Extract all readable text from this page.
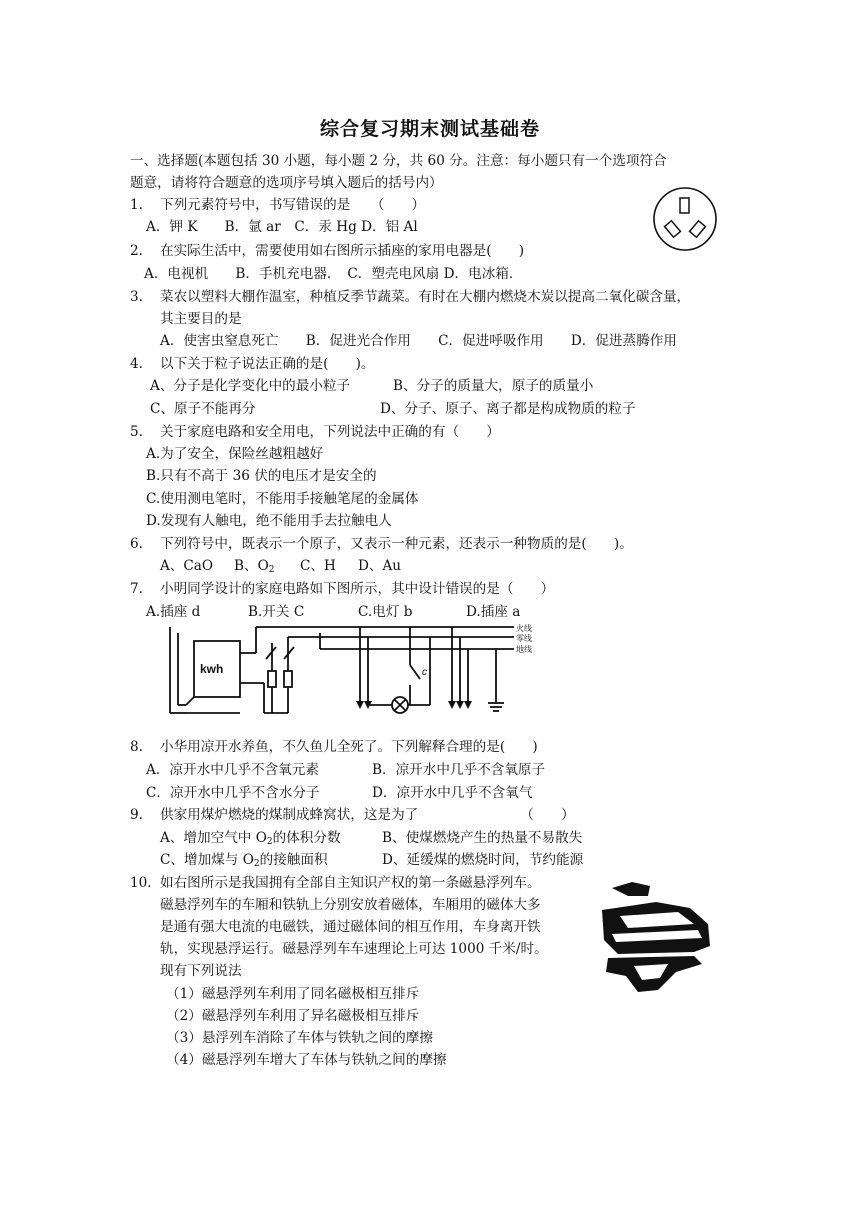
综合复习期末测试基础卷
一、选择题(本题包括 30 小题，每小题 2 分，共 60 分。注意：每小题只有一个选项符合
题意，请将符合题意的选项序号填入题后的括号内）
1. 下列元素符号中，书写错误的是　　（　　）
A．钾 K　　B．氩 ar　C．汞 Hg D．铝 Al
2. 在实际生活中，需要使用如右图所示插座的家用电器是(　　)
A．电视机　　B．手机充电器．　C．塑壳电风扇 D．电冰箱．
3. 菜农以塑料大棚作温室，种植反季节蔬菜。有时在大棚内燃烧木炭以提高二氧化碳含量，
其主要目的是
A．使害虫窒息死亡　　B．促进光合作用　　C．促进呼吸作用　　D．促进蒸腾作用
4. 以下关于粒子说法正确的是(　　)。
A、分子是化学变化中的最小粒子	B、分子的质量大，原子的质量小
C、原子不能再分	D、分子、原子、离子都是构成物质的粒子
5. 关于家庭电路和安全用电，下列说法中正确的有（　　）
A.为了安全，保险丝越粗越好
B.只有不高于 36 伏的电压才是安全的
C.使用测电笔时，不能用手接触笔尾的金属体
D.发现有人触电，绝不能用手去拉触电人
6. 下列符号中，既表示一个原子，又表示一种元素，还表示一种物质的是(　　)。
A、CaO B、$O_2$ C、H D、Au
7. 小明同学设计的家庭电路如下图所示，其中设计错误的是（　　）
A.插座 d	B.开关 C	C.电灯 b	D.插座 a
kwh	c
火线
零线
地线
8. 小华用凉开水养鱼，不久鱼儿全死了。下列解释合理的是(　　)
A．凉开水中几乎不含氧元素	B．凉开水中几乎不含氧原子
C．凉开水中几乎不含水分子	D．凉开水中几乎不含氧气
9. 供家用煤炉燃烧的煤制成蜂窝状，这是为了　　　　　　　　（　　）
A、增加空气中 $O_2$的体积分数	B、使煤燃烧产生的热量不易散失
C、增加煤与 $O_2$的接触面积	D、延缓煤的燃烧时间，节约能源
10. 如右图所示是我国拥有全部自主知识产权的第一条磁悬浮列车。
磁悬浮列车的车厢和铁轨上分别安放着磁体，车厢用的磁体大多
是通有强大电流的电磁铁，通过磁体间的相互作用，车身离开铁
轨，实现悬浮运行。磁悬浮列车车速理论上可达 1000 千米/时。
现有下列说法
（1）磁悬浮列车利用了同名磁极相互排斥
（2）磁悬浮列车利用了异名磁极相互排斥
（3）悬浮列车消除了车体与铁轨之间的摩擦
（4）磁悬浮列车增大了车体与铁轨之间的摩擦
